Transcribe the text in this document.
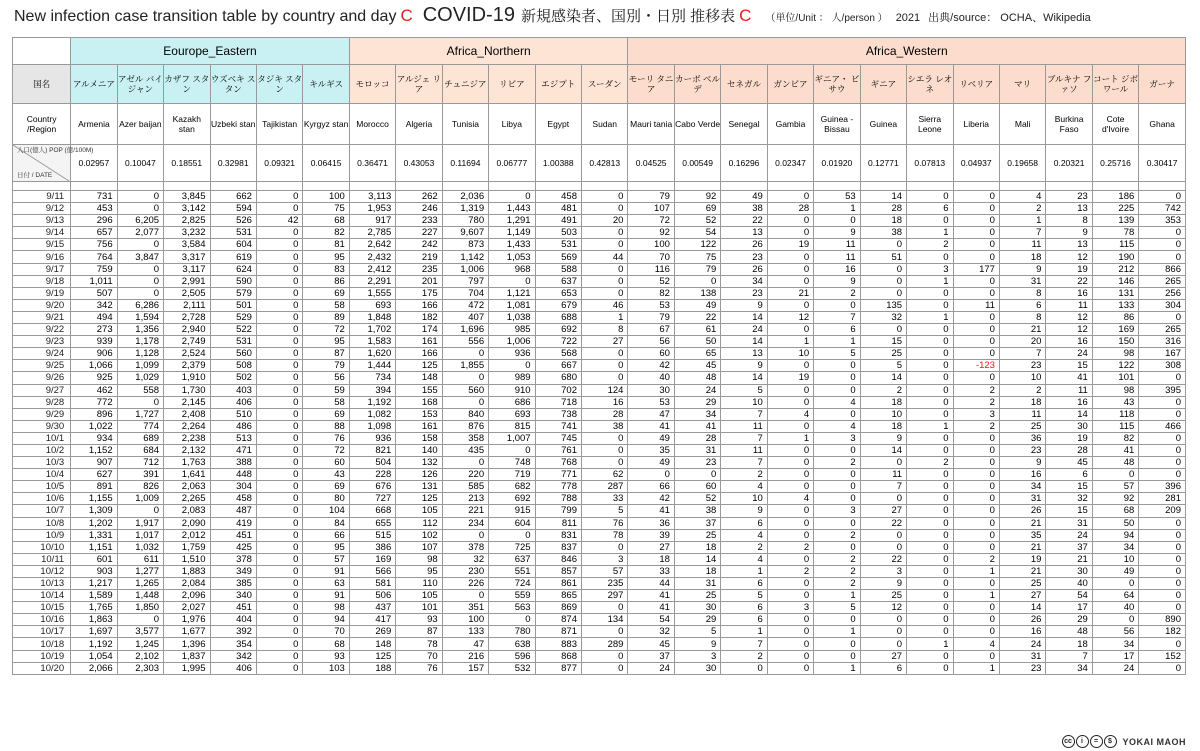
New infection case transition table by country and day C COVID-19 新規感染者、国別・日別 推移表 C （単位/Unit ： 人/person ） 2021 出典/source： OCHA、Wikipedia
	Eourope_Eastern						Africa_Northern						Africa_Western											
国名	アルメニア	アゼル バイジャン	カザフ スタン	ウズベキ スタン	タジキ スタン	キルギス	モロッコ	アルジェ リア	チュニジア	リビア	エジプト	スーダン	モーリ タニア	カーボ ベルデ	セネガル	ガンビア	ギニア・ ビサウ	ギニア	シエラ レオネ	リベリア	マリ	ブルキナ ファソ	コート ジボワール	ガーナ
Country /Region	Armenia	Azer baijan	Kazakh stan	Uzbeki stan	Tajikistan	Kyrgyz stan	Morocco	Algeria	Tunisia	Libya	Egypt	Sudan	Mauri tania	Cabo Verde	Senegal	Gambia	Guinea -Bissau	Guinea	Sierra Leone	Liberia	Mali	Burkina Faso	Cote d'Ivoire	Ghana

人口(億人) POP (億/100M)
日付 / DATE	0.02957	0.10047	0.18551	0.32981	0.09321	0.06415	0.36471	0.43053	0.11694	0.06777	1.00388	0.42813	0.04525	0.00549	0.16296	0.02347	0.01920	0.12771	0.07813	0.04937	0.19658	0.20321	0.25716	0.30417

9/11	731	0	3,845	662	0	100	3,113	262	2,036	0	458	0	79	92	49	0	53	14	0	0	4	23	186	0
9/12	453	0	3,142	594	0	75	1,953	246	1,319	1,443	481	0	107	69	38	28	1	28	6	0	2	13	225	742
9/13	296	6,205	2,825	526	42	68	917	233	780	1,291	491	20	72	52	22	0	0	18	0	0	1	8	139	353
9/14	657	2,077	3,232	531	0	82	2,785	227	9,607	1,149	503	0	92	54	13	0	9	38	1	0	7	9	78	0
9/15	756	0	3,584	604	0	81	2,642	242	873	1,433	531	0	100	122	26	19	11	0	2	0	11	13	115	0
9/16	764	3,847	3,317	619	0	95	2,432	219	1,142	1,053	569	44	70	75	23	0	11	51	0	0	18	12	190	0
9/17	759	0	3,117	624	0	83	2,412	235	1,006	968	588	0	116	79	26	0	16	0	3	177	9	19	212	866
9/18	1,011	0	2,991	590	0	86	2,291	201	797	0	637	0	52	0	34	0	9	0	1	0	31	22	146	265
9/19	507	0	2,505	579	0	69	1,555	175	704	1,121	653	0	82	138	23	21	2	0	0	0	8	16	131	256
9/20	342	6,286	2,111	501	0	58	693	166	472	1,081	679	46	53	49	9	0	0	135	0	11	6	11	133	304
9/21	494	1,594	2,728	529	0	89	1,848	182	407	1,038	688	1	79	22	14	12	7	32	1	0	8	12	86	0
9/22	273	1,356	2,940	522	0	72	1,702	174	1,696	985	692	8	67	61	24	0	6	0	0	0	21	12	169	265
9/23	939	1,178	2,749	531	0	95	1,583	161	556	1,006	722	27	56	50	14	1	1	15	0	0	20	16	150	316
9/24	906	1,128	2,524	560	0	87	1,620	166	0	936	568	0	60	65	13	10	5	25	0	0	7	24	98	167
9/25	1,066	1,099	2,379	508	0	79	1,444	125	1,855	0	667	0	42	45	9	0	0	5	0	-123	23	15	122	308
9/26	925	1,029	1,910	502	0	56	734	148	0	989	680	0	40	48	14	19	0	14	0	0	10	41	101	0
9/27	462	558	1,730	403	0	59	394	155	560	910	702	124	30	24	5	0	0	2	0	2	2	11	98	395
9/28	772	0	2,145	406	0	58	1,192	168	0	686	718	16	53	29	10	0	4	18	0	2	18	16	43	0
9/29	896	1,727	2,408	510	0	69	1,082	153	840	693	738	28	47	34	7	4	0	10	0	3	11	14	118	0
9/30	1,022	774	2,264	486	0	88	1,098	161	876	815	741	38	41	41	11	0	4	18	1	2	25	30	115	466
10/1	934	689	2,238	513	0	76	936	158	358	1,007	745	0	49	28	7	1	3	9	0	0	36	19	82	0
10/2	1,152	684	2,132	471	0	72	821	140	435	0	761	0	35	31	11	0	0	14	0	0	23	28	41	0
10/3	907	712	1,763	388	0	60	504	132	0	748	768	0	49	23	7	0	2	0	2	0	9	45	48	0
10/4	627	391	1,641	448	0	43	228	126	220	719	771	62	0	0	2	0	0	11	0	0	16	6	0	0
10/5	891	826	2,063	304	0	69	676	131	585	682	778	287	66	60	4	0	0	7	0	0	34	15	57	396
10/6	1,155	1,009	2,265	458	0	80	727	125	213	692	788	33	42	52	10	4	0	0	0	0	31	32	92	281
10/7	1,309	0	2,083	487	0	104	668	105	221	915	799	5	41	38	9	0	3	27	0	0	26	15	68	209
10/8	1,202	1,917	2,090	419	0	84	655	112	234	604	811	76	36	37	6	0	0	22	0	0	21	31	50	0
10/9	1,331	1,017	2,012	451	0	66	515	102	0	0	831	78	39	25	4	0	2	0	0	0	35	24	94	0
10/10	1,151	1,032	1,759	425	0	95	386	107	378	725	837	0	27	18	2	2	0	0	0	0	21	37	34	0
10/11	601	611	1,510	378	0	57	169	98	32	637	846	3	18	14	4	0	2	22	0	2	19	21	10	0
10/12	903	1,277	1,883	349	0	91	566	95	230	551	857	57	33	18	1	2	2	3	0	1	21	30	49	0
10/13	1,217	1,265	2,084	385	0	63	581	110	226	724	861	235	44	31	6	0	2	9	0	0	25	40	0	0
10/14	1,589	1,448	2,096	340	0	91	506	105	0	559	865	297	41	25	5	0	1	25	0	1	27	54	64	0
10/15	1,765	1,850	2,027	451	0	98	437	101	351	563	869	0	41	30	6	3	5	12	0	0	14	17	40	0
10/16	1,863	0	1,976	404	0	94	417	93	100	0	874	134	54	29	6	0	0	0	0	0	26	29	0	890
10/17	1,697	3,577	1,677	392	0	70	269	87	133	780	871	0	32	5	1	0	1	0	0	0	16	48	56	182
10/18	1,192	1,245	1,396	354	0	68	148	78	47	638	883	289	45	9	7	0	0	0	1	4	24	18	34	0
10/19	1,054	2,102	1,837	342	0	93	125	70	216	596	868	0	37	3	2	0	0	27	0	0	31	7	17	152
10/20	2,066	2,303	1,995	406	0	103	188	76	157	532	877	0	24	30	0	0	1	6	0	1	23	34	24	0
cc	i	=	$	YOKAI MAOH
